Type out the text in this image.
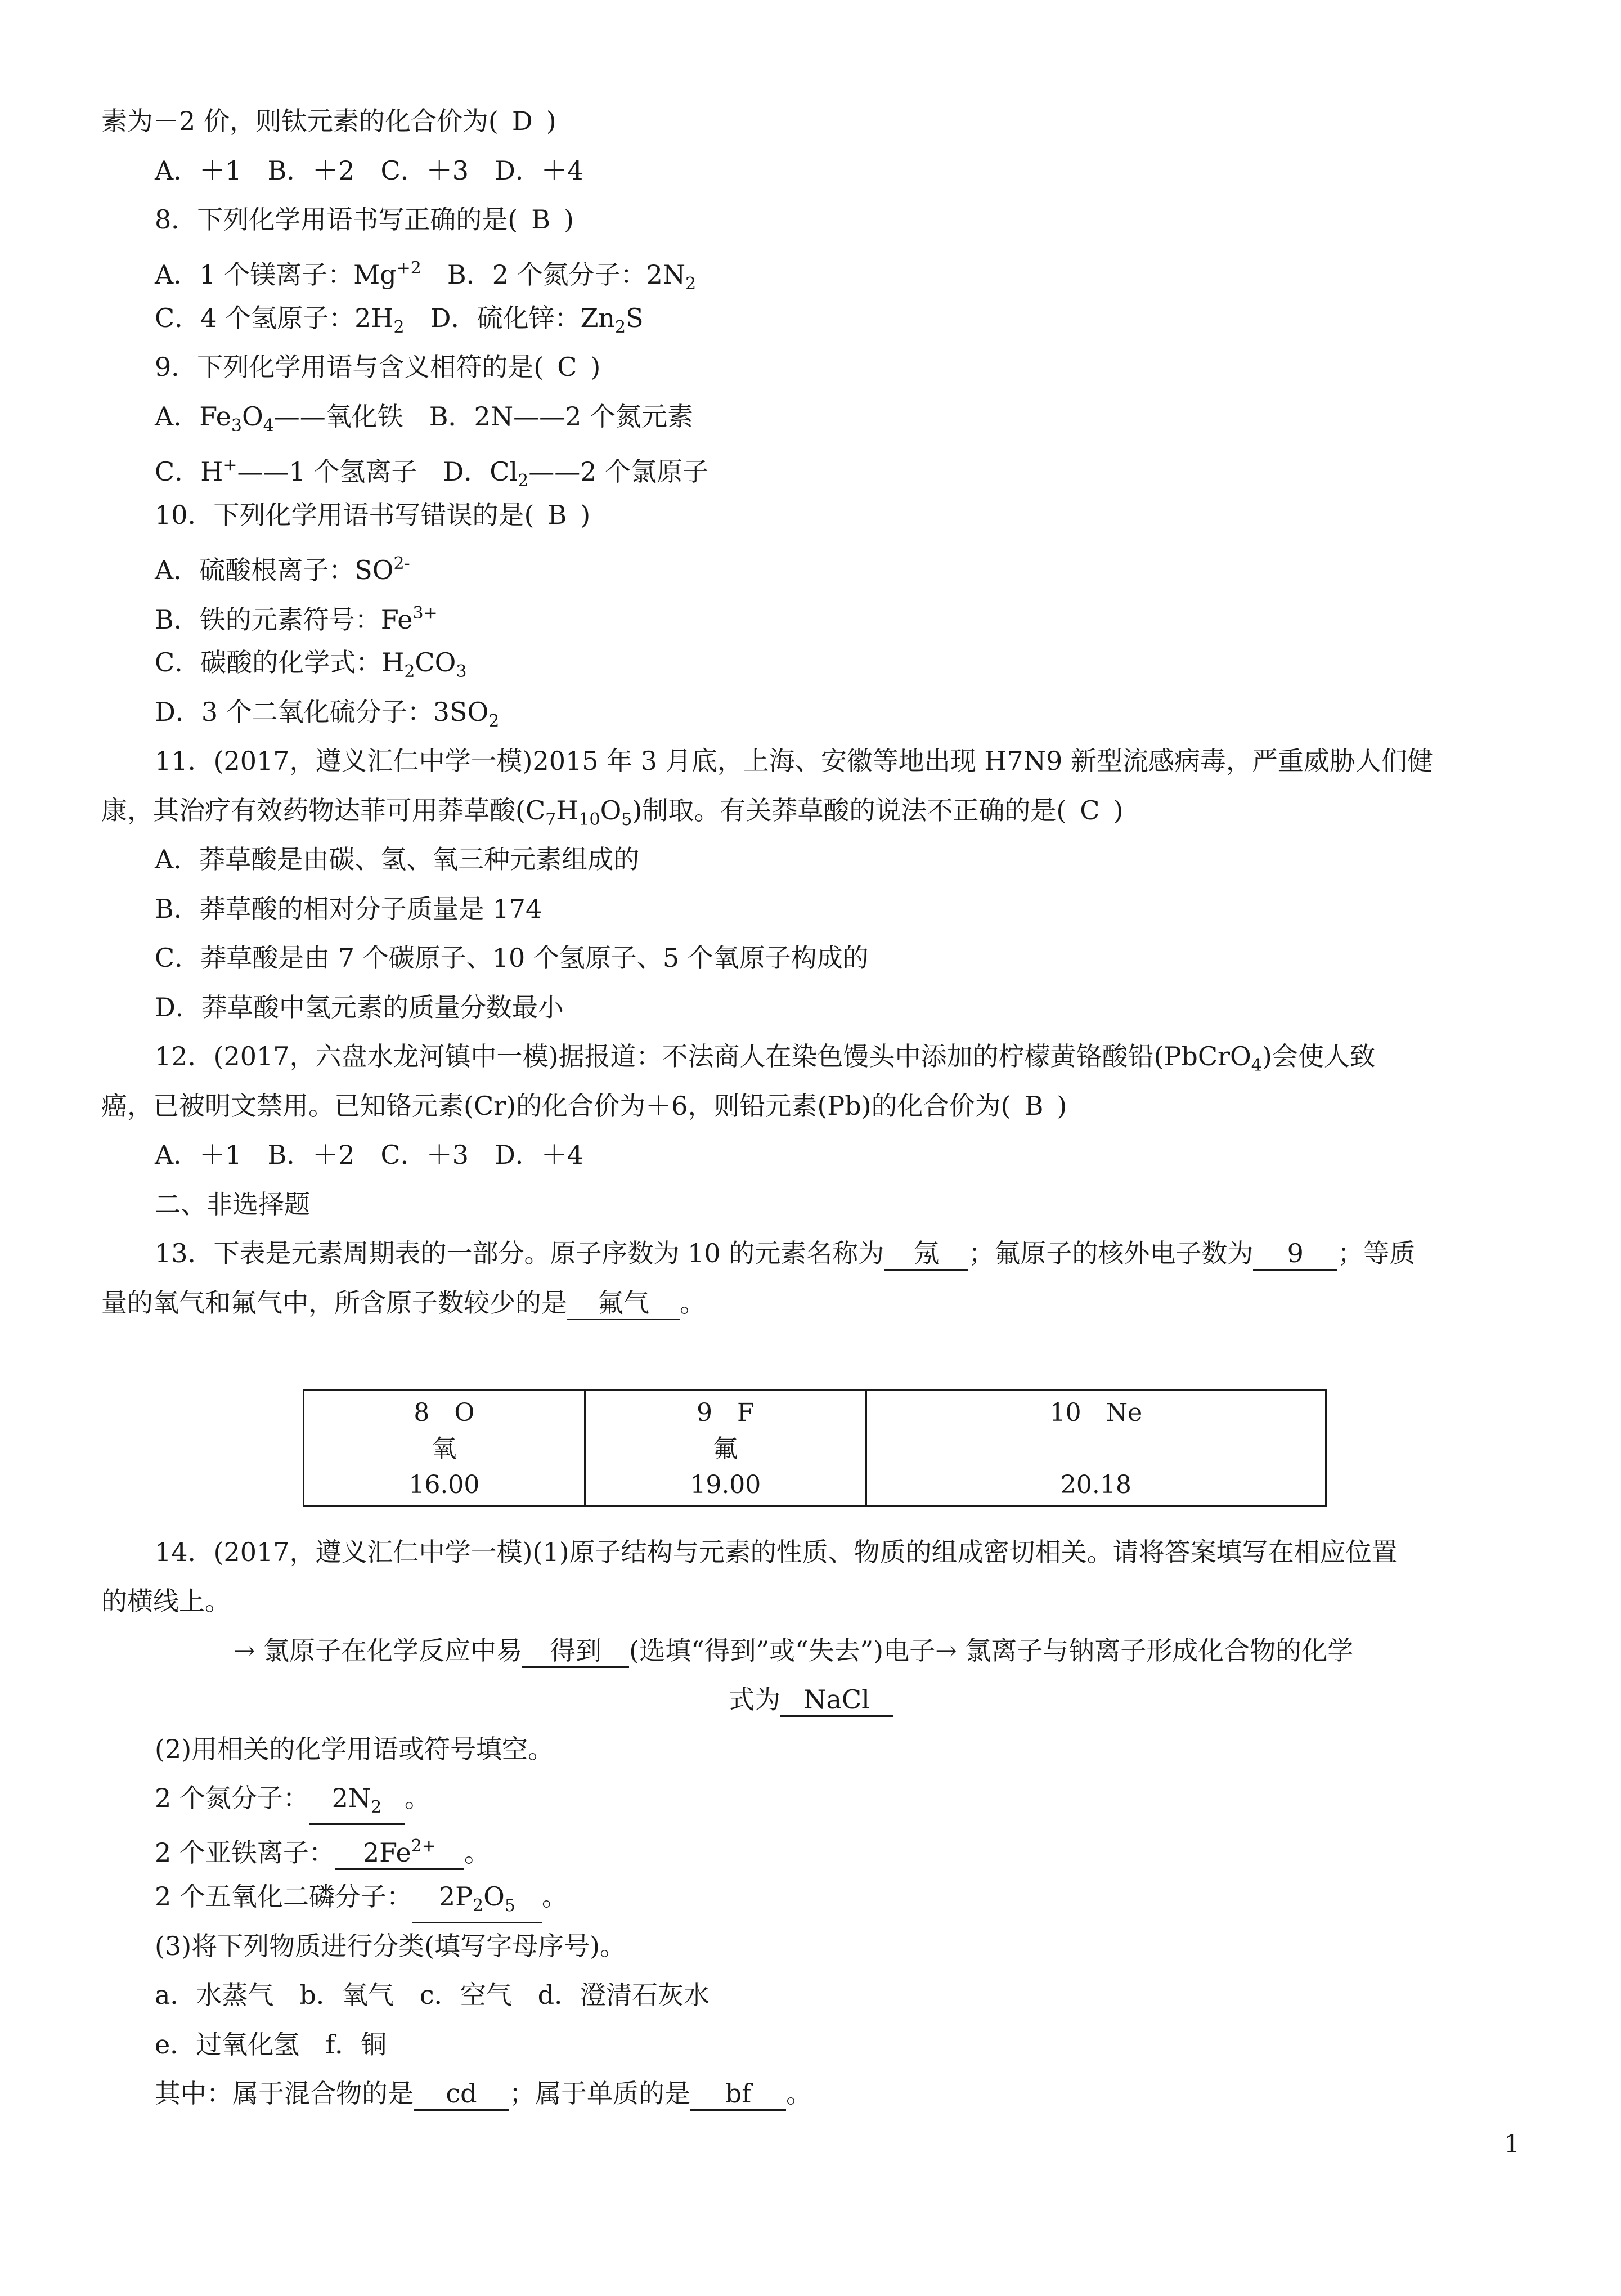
素为－2 价，则钛元素的化合价为( D )
A．＋1　B．＋2　C．＋3　D．＋4
8．下列化学用语书写正确的是( B )
A．1 个镁离子：$Mg^{+2}$　B．2 个氮分子：$2N_2$
C．4 个氢原子：$2H_2$　D．硫化锌：$Zn_2S$
9．下列化学用语与含义相符的是( C )
A．$Fe_3O_4——$氧化铁　B．2N——2 个氮元素
C．H+——1 个氢离子　D．$Cl_2——2$ 个氯原子
10．下列化学用语书写错误的是( B )
A．硫酸根离子：$SO^{2-}$
B．铁的元素符号：$Fe^{3+}$
C．碳酸的化学式：$H_2CO_3$
D．3 个二氧化硫分子：$3SO_2$
11．(2017，遵义汇仁中学一模)2015 年 3 月底，上海、安徽等地出现 H7N9 新型流感病毒，严重威胁人们健
康，其治疗有效药物达菲可用莽草酸$(C_7H_{10}O_5)$制取。有关莽草酸的说法不正确的是( C )
A．莽草酸是由碳、氢、氧三种元素组成的
B．莽草酸的相对分子质量是 174
C．莽草酸是由 7 个碳原子、10 个氢原子、5 个氧原子构成的
D．莽草酸中氢元素的质量分数最小
12．(2017，六盘水龙河镇中一模)据报道：不法商人在染色馒头中添加的柠檬黄铬酸铅(PbCrO$_4$)会使人致
癌，已被明文禁用。已知铬元素(Cr)的化合价为＋6，则铅元素(Pb)的化合价为( B )
A．＋1　B．＋2　C．＋3　D．＋4
二、非选择题
13．下表是元素周期表的一部分。原子序数为 10 的元素名称为 氖 ；氟原子的核外电子数为 9 ；等质
量的氧气和氟气中，所含原子数较少的是 氟气 。
8　 O
氧
16.00

9　 F
氟
19.00

10　 Ne
20.18
14．(2017，遵义汇仁中学一模)(1)原子结构与元素的性质、物质的组成密切相关。请将答案填写在相应位置
的横线上。
→ 氯原子在化学反应中易 得到 (选填“得到”或“失去”)电子→ 氯离子与钠离子形成化合物的化学
式为 NaCl
(2)用相关的化学用语或符号填空。
2 个氮分子： $2N_2$ 。
2 个亚铁离子： $2Fe^{2+}$ 。
2 个五氧化二磷分子： $2P_2O_5$ 。
(3)将下列物质进行分类(填写字母序号)。
a．水蒸气　b．氧气　c．空气　d．澄清石灰水
e．过氧化氢　f．铜
其中：属于混合物的是 cd ；属于单质的是 bf 。
1
